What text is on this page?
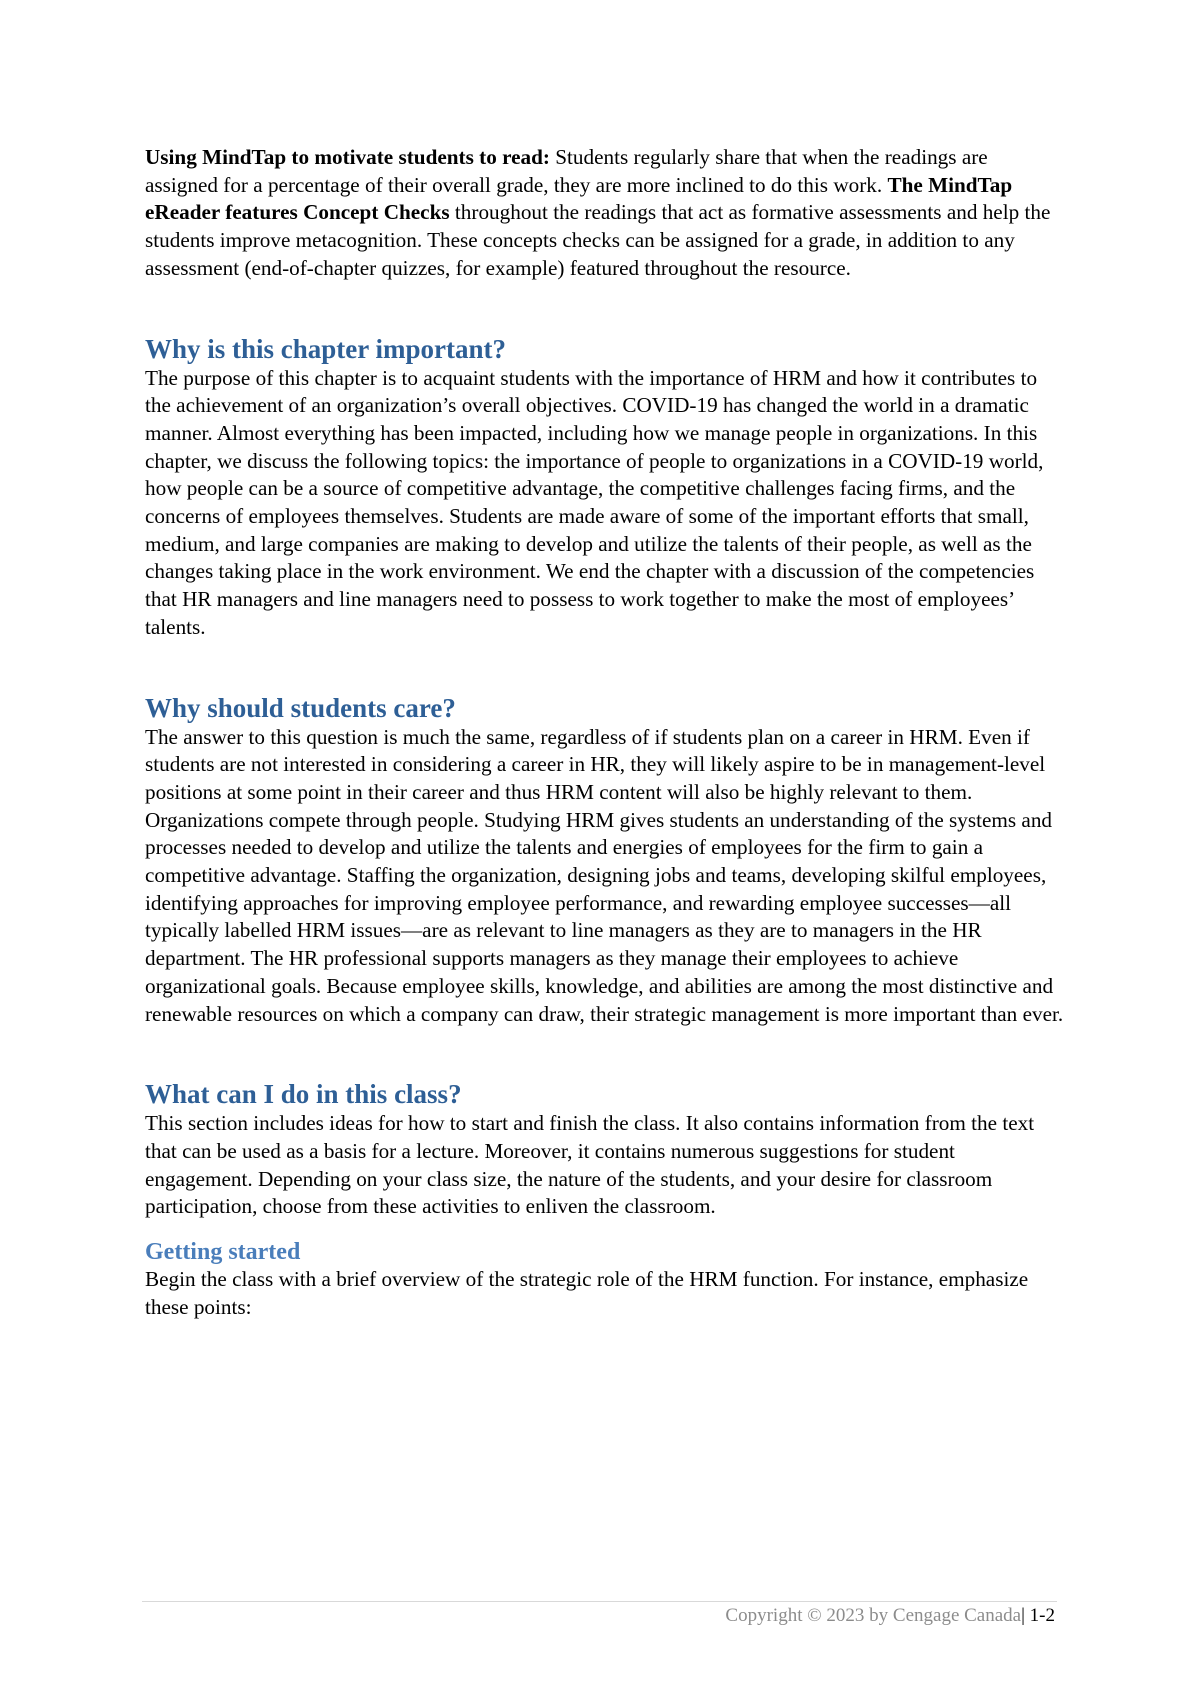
Using MindTap to motivate students to read: Students regularly share that when the readings are assigned for a percentage of their overall grade, they are more inclined to do this work. The MindTap eReader features Concept Checks throughout the readings that act as formative assessments and help the students improve metacognition. These concepts checks can be assigned for a grade, in addition to any assessment (end-of-chapter quizzes, for example) featured throughout the resource.

Why is this chapter important?

The purpose of this chapter is to acquaint students with the importance of HRM and how it contributes to the achievement of an organization’s overall objectives. COVID-19 has changed the world in a dramatic manner. Almost everything has been impacted, including how we manage people in organizations. In this chapter, we discuss the following topics: the importance of people to organizations in a COVID-19 world, how people can be a source of competitive advantage, the competitive challenges facing firms, and the concerns of employees themselves. Students are made aware of some of the important efforts that small, medium, and large companies are making to develop and utilize the talents of their people, as well as the changes taking place in the work environment. We end the chapter with a discussion of the competencies that HR managers and line managers need to possess to work together to make the most of employees’ talents.

Why should students care?

The answer to this question is much the same, regardless of if students plan on a career in HRM. Even if students are not interested in considering a career in HR, they will likely aspire to be in management-level positions at some point in their career and thus HRM content will also be highly relevant to them. Organizations compete through people. Studying HRM gives students an understanding of the systems and processes needed to develop and utilize the talents and energies of employees for the firm to gain a competitive advantage. Staffing the organization, designing jobs and teams, developing skilful employees, identifying approaches for improving employee performance, and rewarding employee successes—all typically labelled HRM issues—are as relevant to line managers as they are to managers in the HR department. The HR professional supports managers as they manage their employees to achieve organizational goals. Because employee skills, knowledge, and abilities are among the most distinctive and renewable resources on which a company can draw, their strategic management is more important than ever.

What can I do in this class?

This section includes ideas for how to start and finish the class. It also contains information from the text that can be used as a basis for a lecture. Moreover, it contains numerous suggestions for student engagement. Depending on your class size, the nature of the students, and your desire for classroom participation, choose from these activities to enliven the classroom.

Getting started

Begin the class with a brief overview of the strategic role of the HRM function. For instance, emphasize these points:

Copyright © 2023 by Cengage Canada| 1-2
